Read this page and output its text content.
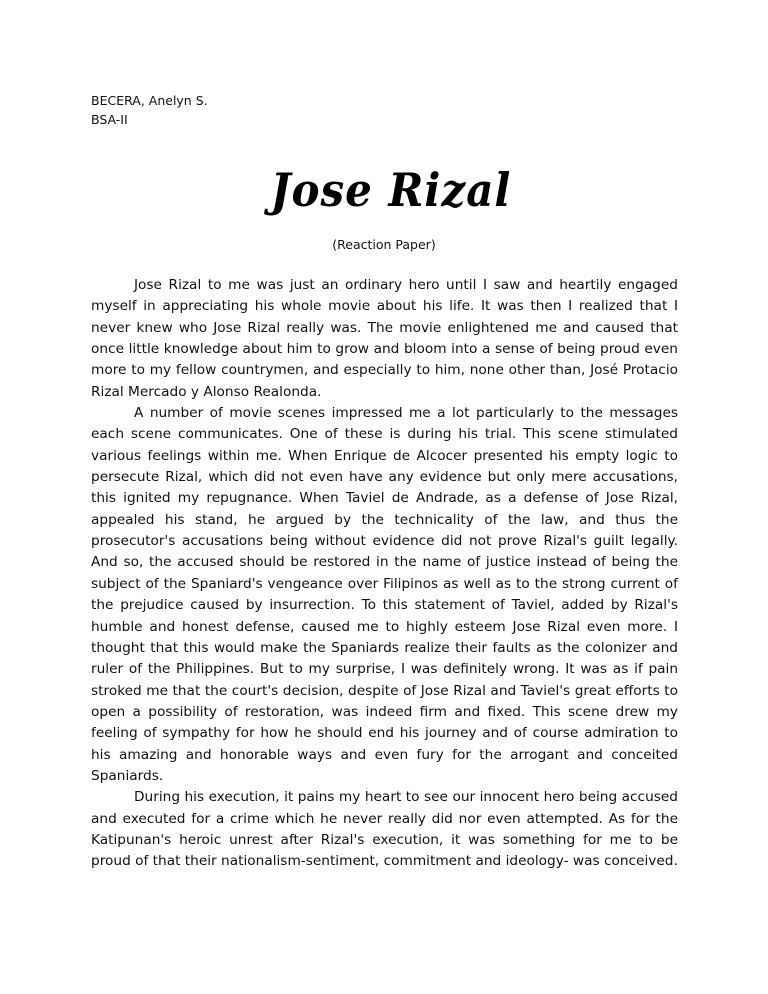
BECERA, Anelyn S.
BSA-II
Jose Rizal
(Reaction Paper)

Jose Rizal to me was just an ordinary hero until I saw and heartily engaged myself in appreciating his whole movie about his life. It was then I realized that I never knew who Jose Rizal really was. The movie enlightened me and caused that once little knowledge about him to grow and bloom into a sense of being proud even more to my fellow countrymen, and especially to him, none other than, José Protacio Rizal Mercado y Alonso Realonda.

A number of movie scenes impressed me a lot particularly to the messages each scene communicates. One of these is during his trial. This scene stimulated various feelings within me. When Enrique de Alcocer presented his empty logic to persecute Rizal, which did not even have any evidence but only mere accusations, this ignited my repugnance. When Taviel de Andrade, as a defense of Jose Rizal, appealed his stand, he argued by the technicality of the law, and thus the prosecutor's accusations being without evidence did not prove Rizal's guilt legally. And so, the accused should be restored in the name of justice instead of being the subject of the Spaniard's vengeance over Filipinos as well as to the strong current of the prejudice caused by insurrection. To this statement of Taviel, added by Rizal's humble and honest defense, caused me to highly esteem Jose Rizal even more. I thought that this would make the Spaniards realize their faults as the colonizer and ruler of the Philippines. But to my surprise, I was definitely wrong. It was as if pain stroked me that the court's decision, despite of Jose Rizal and Taviel's great efforts to open a possibility of restoration, was indeed firm and fixed. This scene drew my feeling of sympathy for how he should end his journey and of course admiration to his amazing and honorable ways and even fury for the arrogant and conceited Spaniards.

During his execution, it pains my heart to see our innocent hero being accused and executed for a crime which he never really did nor even attempted. As for the Katipunan's heroic unrest after Rizal's execution, it was something for me to be proud of that their nationalism-sentiment, commitment and ideology- was conceived.
